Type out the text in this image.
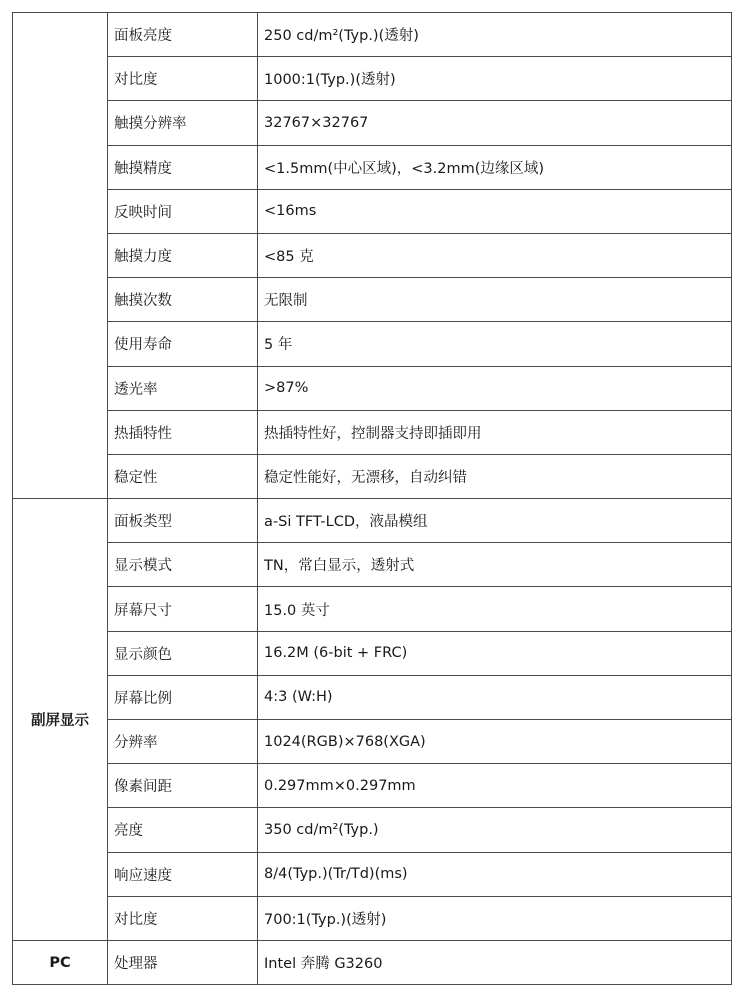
	面板亮度	250 cd/m²(Typ.)(透射)
	对比度	1000:1(Typ.)(透射)
	触摸分辨率	32767×32767
	触摸精度	<1.5mm(中心区域)，<3.2mm(边缘区域)
	反映时间	<16ms
	触摸力度	<85 克
	触摸次数	无限制
	使用寿命	5 年
	透光率	>87%
	热插特性	热插特性好，控制器支持即插即用
	稳定性	稳定性能好，无漂移，自动纠错
副屏显示	面板类型	a-Si TFT-LCD，液晶模组
	显示模式	TN，常白显示，透射式
	屏幕尺寸	15.0 英寸
	显示颜色	16.2M (6-bit + FRC)
	屏幕比例	4:3 (W:H)
	分辨率	1024(RGB)×768(XGA)
	像素间距	0.297mm×0.297mm
	亮度	350 cd/m²(Typ.)
	响应速度	8/4(Typ.)(Tr/Td)(ms)
	对比度	700:1(Typ.)(透射)
PC	处理器	Intel 奔腾 G3260
